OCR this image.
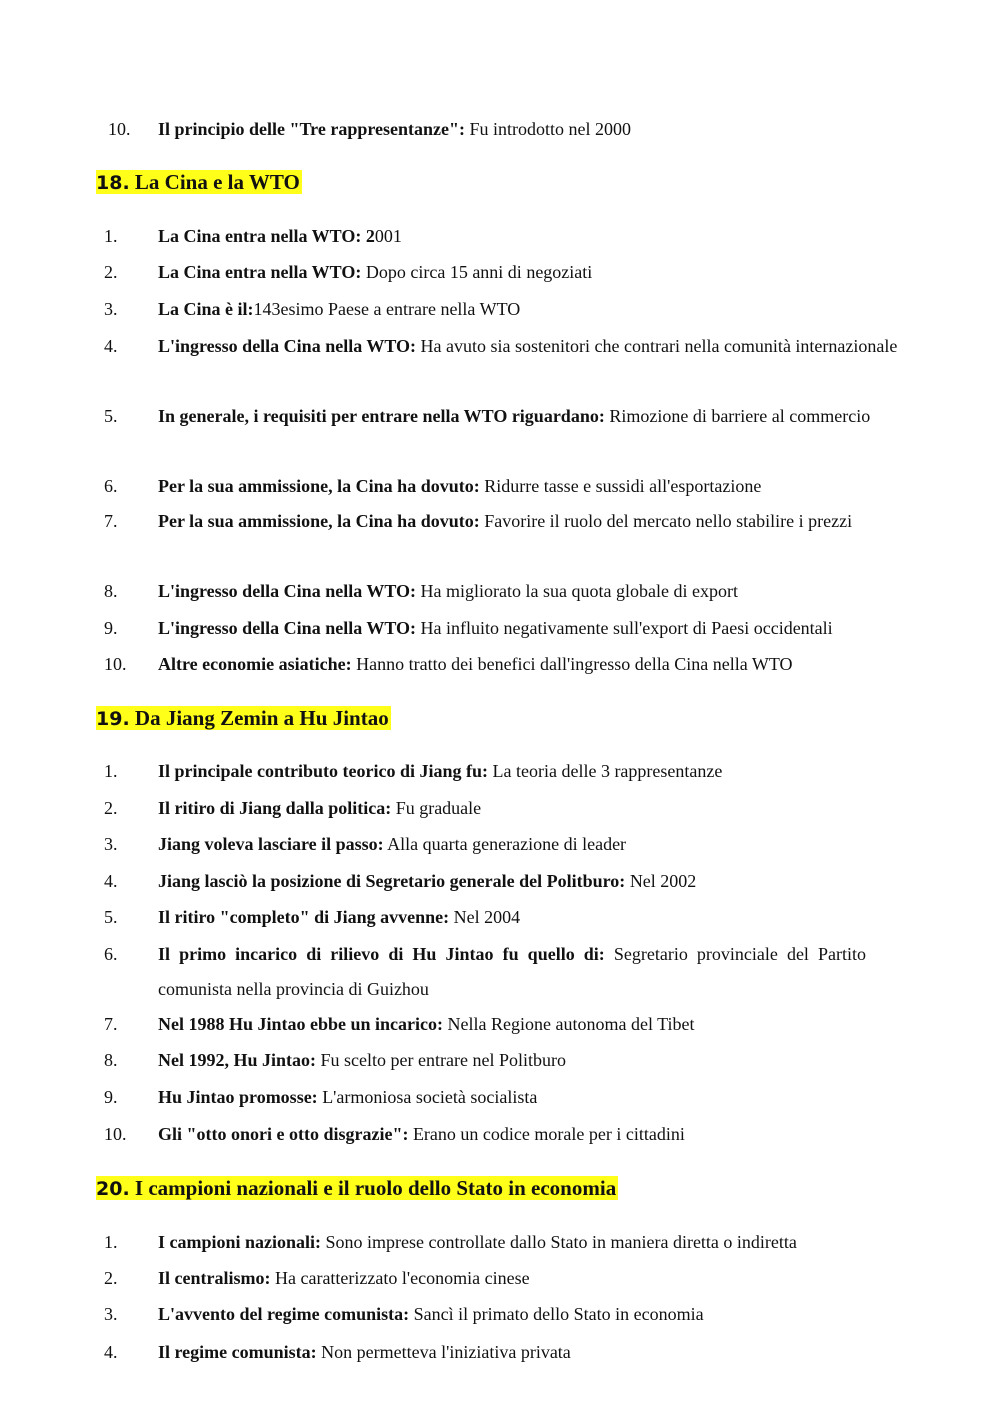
10.	Il principio delle "Tre rappresentanze": Fu introdotto nel 2000
18. La Cina e la WTO
1.	La Cina entra nella WTO: 2001
2.	La Cina entra nella WTO: Dopo circa 15 anni di negoziati
3.	La Cina è il:143esimo Paese a entrare nella WTO
4.	L'ingresso della Cina nella WTO: Ha avuto sia sostenitori che contrari nella comunità internazionale
5.	In generale, i requisiti per entrare nella WTO riguardano: Rimozione di barriere al commercio
6.	Per la sua ammissione, la Cina ha dovuto: Ridurre tasse e sussidi all'esportazione
7.	Per la sua ammissione, la Cina ha dovuto: Favorire il ruolo del mercato nello stabilire i prezzi
8.	L'ingresso della Cina nella WTO: Ha migliorato la sua quota globale di export
9.	L'ingresso della Cina nella WTO: Ha influito negativamente sull'export di Paesi occidentali
10.	Altre economie asiatiche: Hanno tratto dei benefici dall'ingresso della Cina nella WTO
19. Da Jiang Zemin a Hu Jintao
1.	Il principale contributo teorico di Jiang fu: La teoria delle 3 rappresentanze
2.	Il ritiro di Jiang dalla politica: Fu graduale
3.	Jiang voleva lasciare il passo: Alla quarta generazione di leader
4.	Jiang lasciò la posizione di Segretario generale del Politburo: Nel 2002
5.	Il ritiro "completo" di Jiang avvenne: Nel 2004
6.	Il primo incarico di rilievo di Hu Jintao fu quello di: Segretario provinciale del Partito comunista nella provincia di Guizhou
7.	Nel 1988 Hu Jintao ebbe un incarico: Nella Regione autonoma del Tibet
8.	Nel 1992, Hu Jintao: Fu scelto per entrare nel Politburo
9.	Hu Jintao promosse: L'armoniosa società socialista
10.	Gli "otto onori e otto disgrazie": Erano un codice morale per i cittadini
20. I campioni nazionali e il ruolo dello Stato in economia
1.	I campioni nazionali: Sono imprese controllate dallo Stato in maniera diretta o indiretta
2.	Il centralismo: Ha caratterizzato l'economia cinese
3.	L'avvento del regime comunista: Sancì il primato dello Stato in economia
4.	Il regime comunista: Non permetteva l'iniziativa privata
